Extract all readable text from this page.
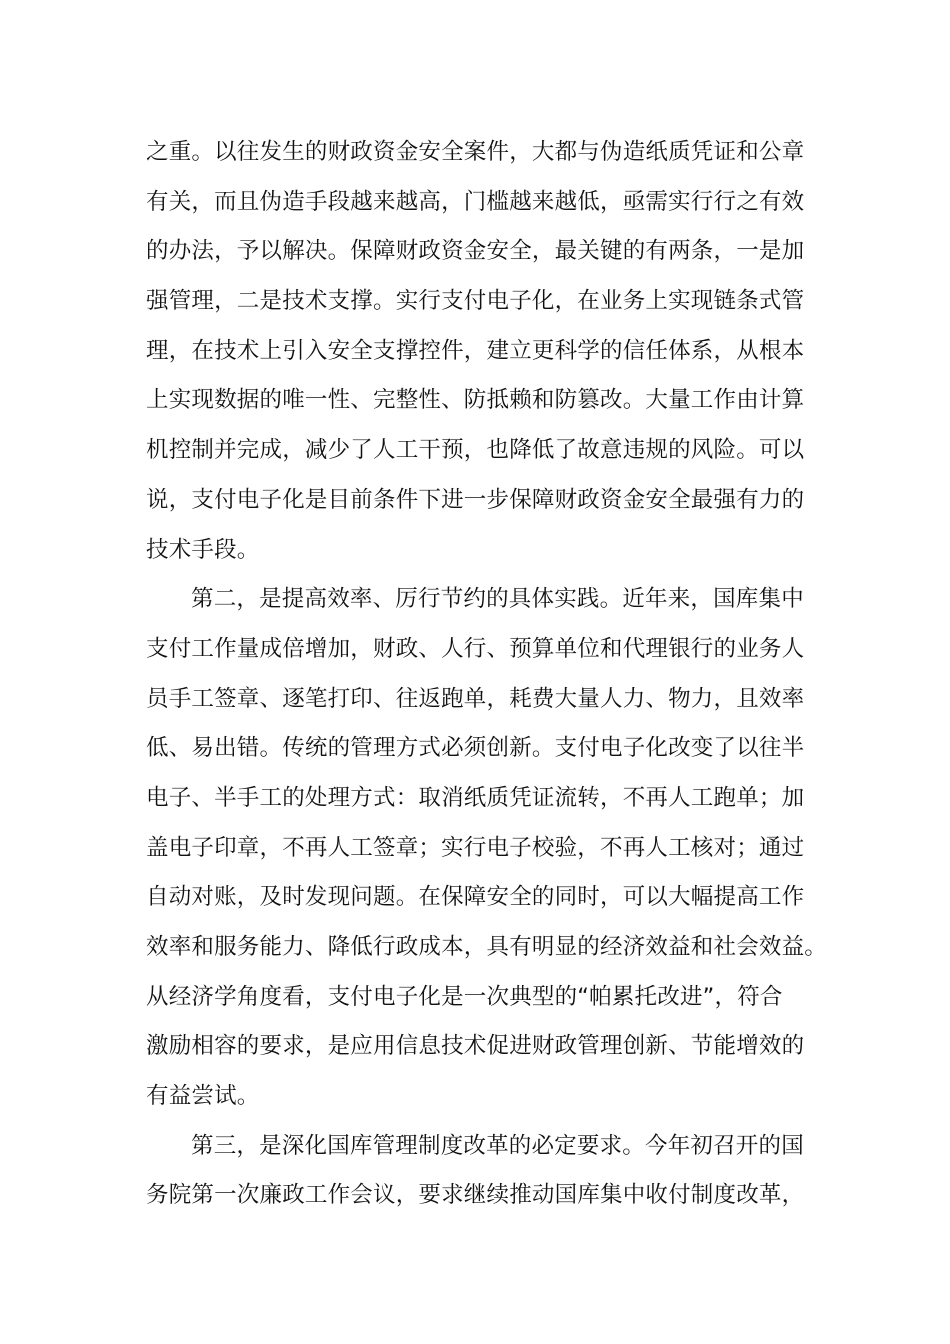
之重。以往发生的财政资金安全案件，大都与伪造纸质凭证和公章
有关，而且伪造手段越来越高，门槛越来越低，亟需实行行之有效
的办法，予以解决。保障财政资金安全，最关键的有两条，一是加
强管理，二是技术支撑。实行支付电子化，在业务上实现链条式管
理，在技术上引入安全支撑控件，建立更科学的信任体系，从根本
上实现数据的唯一性、完整性、防抵赖和防篡改。大量工作由计算
机控制并完成，减少了人工干预，也降低了故意违规的风险。可以
说，支付电子化是目前条件下进一步保障财政资金安全最强有力的
技术手段。
第二，是提高效率、厉行节约的具体实践。近年来，国库集中
支付工作量成倍增加，财政、人行、预算单位和代理银行的业务人
员手工签章、逐笔打印、往返跑单，耗费大量人力、物力，且效率
低、易出错。传统的管理方式必须创新。支付电子化改变了以往半
电子、半手工的处理方式：取消纸质凭证流转，不再人工跑单；加
盖电子印章，不再人工签章；实行电子校验，不再人工核对；通过
自动对账，及时发现问题。在保障安全的同时，可以大幅提高工作
效率和服务能力、降低行政成本，具有明显的经济效益和社会效益。
从经济学角度看，支付电子化是一次典型的“帕累托改进”，符合
激励相容的要求，是应用信息技术促进财政管理创新、节能增效的
有益尝试。
第三，是深化国库管理制度改革的必定要求。今年初召开的国
务院第一次廉政工作会议，要求继续推动国库集中收付制度改革，
